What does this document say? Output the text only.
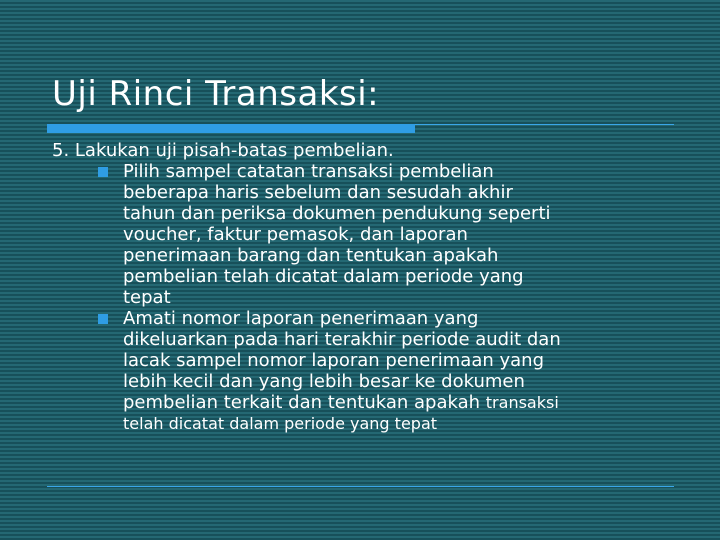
Uji Rinci Transaksi:

5. Lakukan uji pisah-batas pembelian.

Pilih sampel catatan transaksi pembelian
beberapa haris sebelum dan sesudah akhir
tahun dan periksa dokumen pendukung seperti
voucher, faktur pemasok, dan laporan
penerimaan barang dan tentukan apakah
pembelian telah dicatat dalam periode yang
tepat
Amati nomor laporan penerimaan yang
dikeluarkan pada hari terakhir periode audit dan
lacak sampel nomor laporan penerimaan yang
lebih kecil dan yang lebih besar ke dokumen
pembelian terkait dan tentukan apakah transaksi
telah dicatat dalam periode yang tepat
